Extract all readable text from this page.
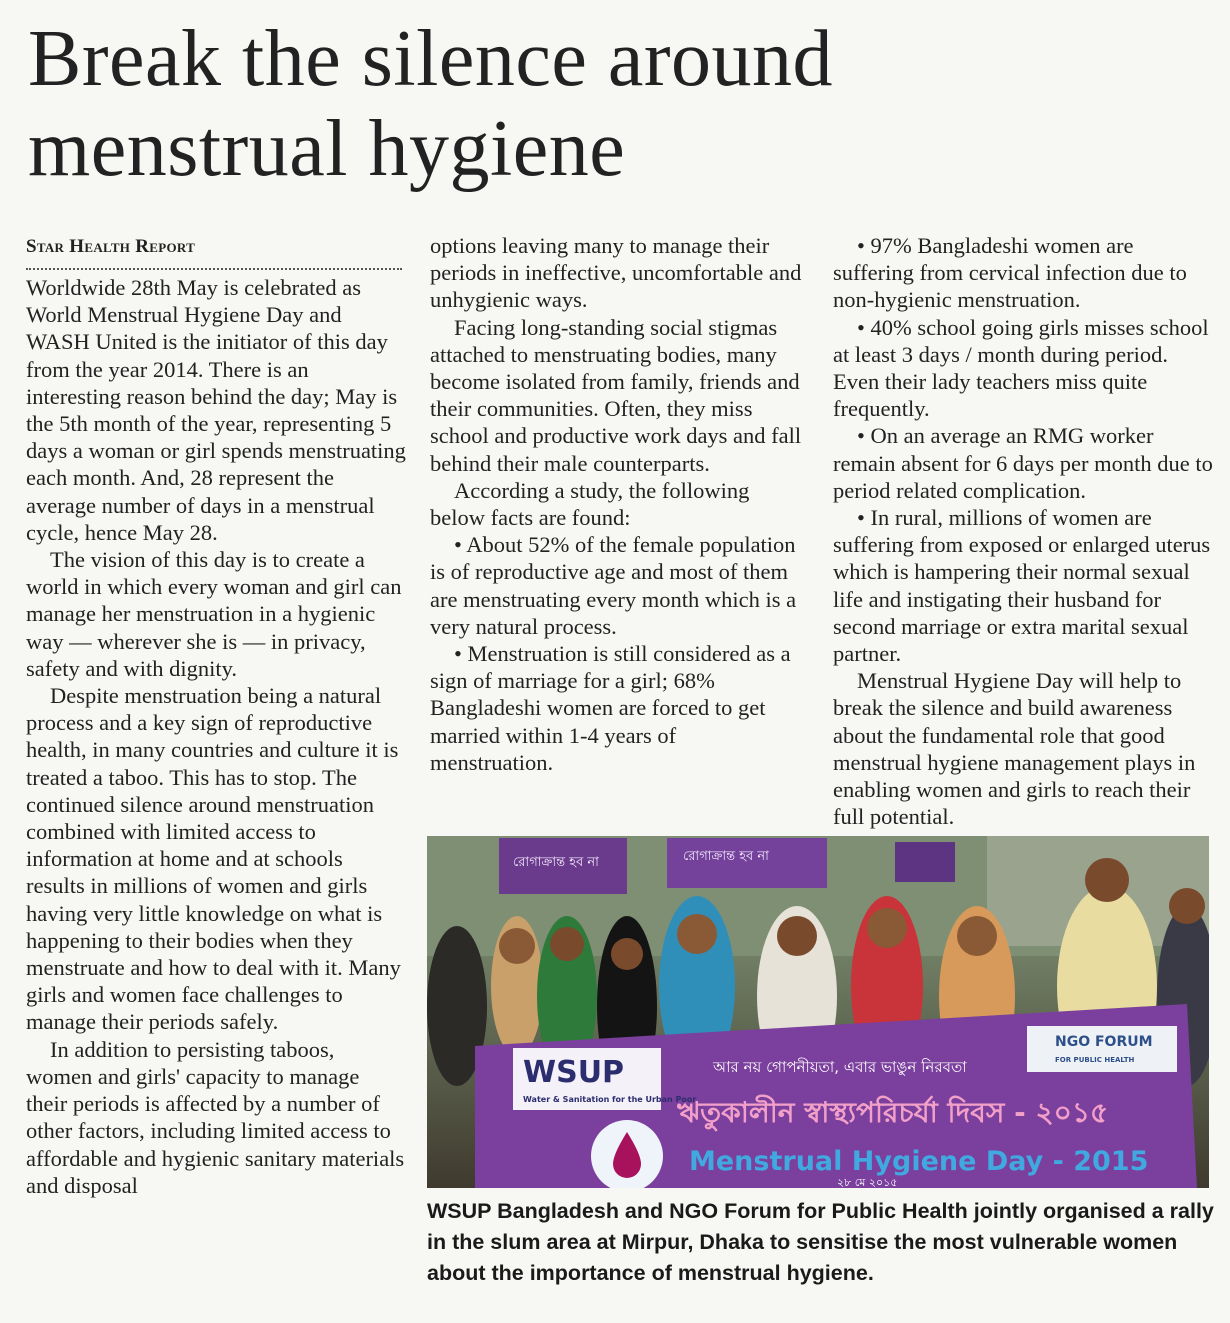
Break the silence around
menstrual hygiene

Star Health Report

Worldwide 28th May is celebrated as World Menstrual Hygiene Day and WASH United is the initiator of this day from the year 2014. There is an interesting reason behind the day; May is the 5th month of the year, representing 5 days a woman or girl spends menstruating each month. And, 28 represent the average number of days in a menstrual cycle, hence May 28.

The vision of this day is to create a world in which every woman and girl can manage her menstruation in a hygienic way — wherever she is — in privacy, safety and with dignity.

Despite menstruation being a natural process and a key sign of reproductive health, in many countries and culture it is treated a taboo. This has to stop. The continued silence around menstruation combined with limited access to information at home and at schools results in millions of women and girls having very little knowledge on what is happening to their bodies when they menstruate and how to deal with it. Many girls and women face challenges to manage their periods safely.

In addition to persisting taboos, women and girls' capacity to manage their periods is affected by a number of other factors, including limited access to affordable and hygienic sanitary materials and disposal

options leaving many to manage their periods in ineffective, uncomfortable and unhygienic ways.

Facing long-standing social stigmas attached to menstruating bodies, many become isolated from family, friends and their communities. Often, they miss school and productive work days and fall behind their male counterparts.

According a study, the following below facts are found:

• About 52% of the female population is of reproductive age and most of them are menstruating every month which is a very natural process.

• Menstruation is still considered as a sign of marriage for a girl; 68% Bangladeshi women are forced to get married within 1-4 years of menstruation.

• 97% Bangladeshi women are suffering from cervical infection due to non-hygienic menstruation.

• 40% school going girls misses school at least 3 days / month during period. Even their lady teachers miss quite frequently.

• On an average an RMG worker remain absent for 6 days per month due to period related complication.

• In rural, millions of women are suffering from exposed or enlarged uterus which is hampering their normal sexual life and instigating their husband for second marriage or extra marital sexual partner.

Menstrual Hygiene Day will help to break the silence and build awareness about the fundamental role that good menstrual hygiene management plays in enabling women and girls to reach their full potential.

রোগাক্রান্ত হব না	রোগাক্রান্ত হব না
WSUP
Water & Sanitation for the Urban Poor
আর নয় গোপনীয়তা, এবার ভাঙুন নিরবতা
ঋতুকালীন স্বাস্থ্যপরিচর্যা দিবস - ২০১৫
Menstrual Hygiene Day - 2015
২৮ মে ২০১৫
NGO FORUM
FOR PUBLIC HEALTH

WSUP Bangladesh and NGO Forum for Public Health jointly organised a rally in the slum area at Mirpur, Dhaka to sensitise the most vulnerable women about the importance of menstrual hygiene.
